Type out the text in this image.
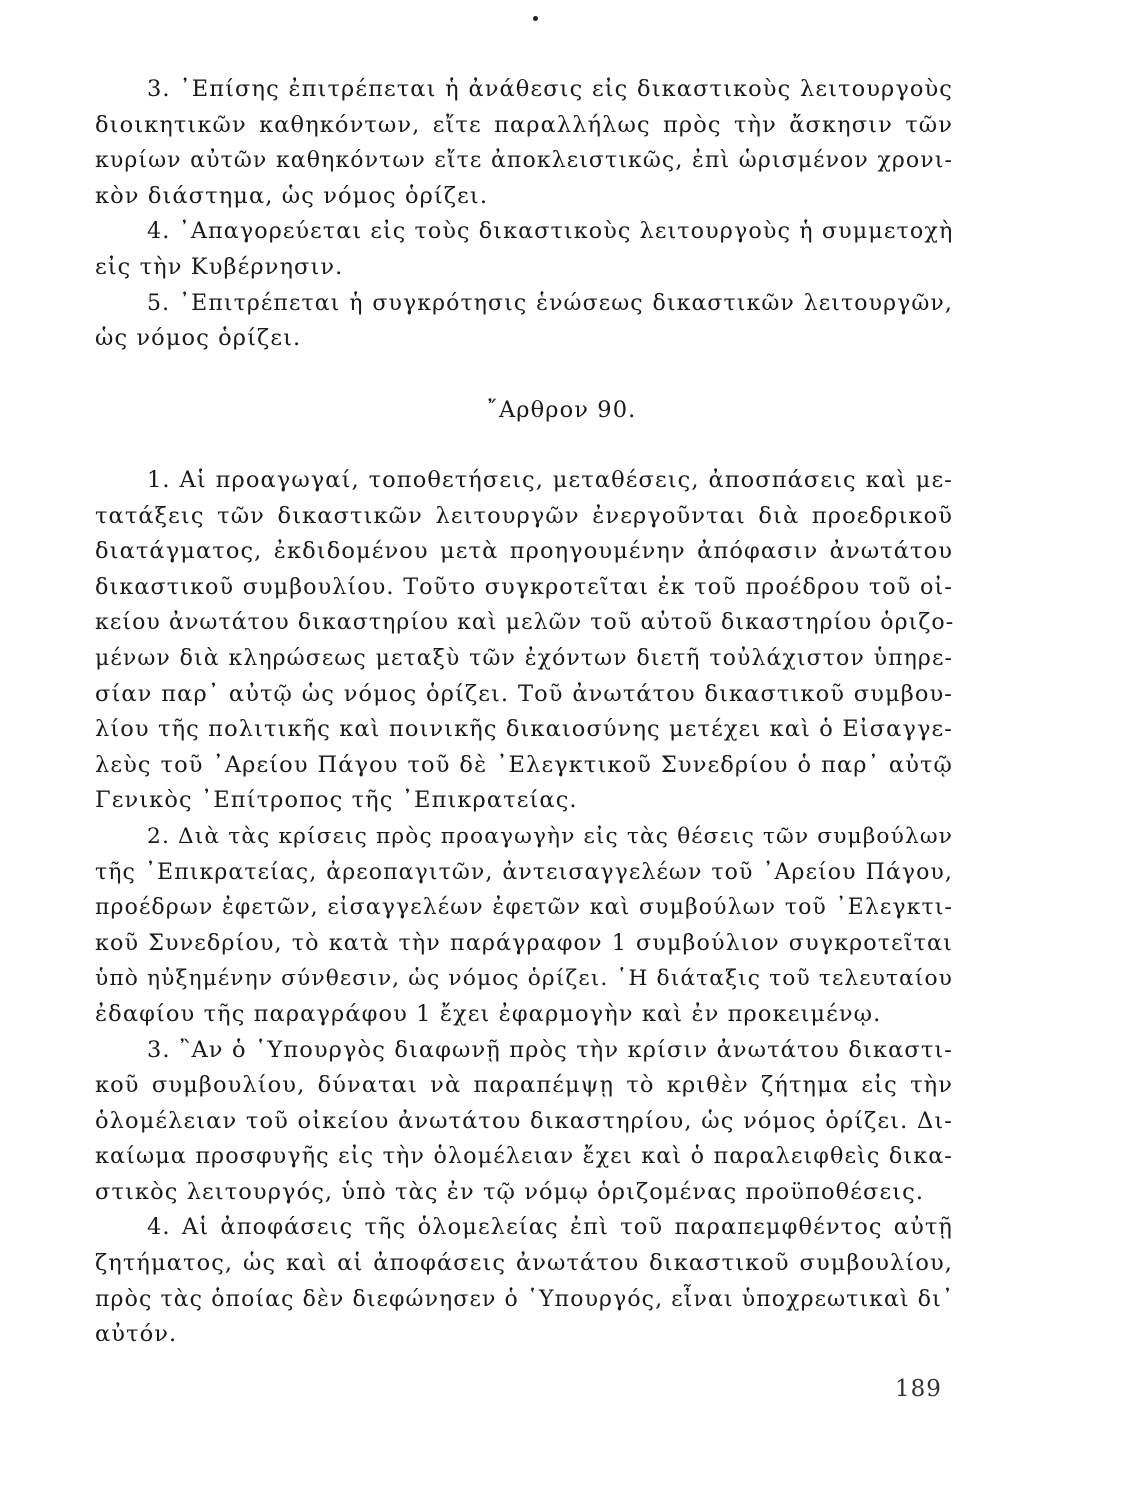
3. ᾿Επίσης ἐπιτρέπεται ἡ ἀνάθεσις εἰς δικαστικοὺς λειτουργοὺς
διοικητικῶν καθηκόντων, εἴτε παραλλήλως πρὸς τὴν ἄσκησιν τῶν
κυρίων αὐτῶν καθηκόντων εἴτε ἀποκλειστικῶς, ἐπὶ ὡρισμένον χρονι-
κὸν διάστημα, ὡς νόμος ὁρίζει.
4. ᾿Απαγορεύεται εἰς τοὺς δικαστικοὺς λειτουργοὺς ἡ συμμετοχὴ
εἰς τὴν Κυβέρνησιν.
5. ᾿Επιτρέπεται ἡ συγκρότησις ἑνώσεως δικαστικῶν λειτουργῶν,
ὡς νόμος ὁρίζει.
῎Αρθρον 90.
1. Αἱ προαγωγαί, τοποθετήσεις, μεταθέσεις, ἀποσπάσεις καὶ με-
τατάξεις τῶν δικαστικῶν λειτουργῶν ἐνεργοῦνται διὰ προεδρικοῦ
διατάγματος, ἐκδιδομένου μετὰ προηγουμένην ἀπόφασιν ἀνωτάτου
δικαστικοῦ συμβουλίου. Τοῦτο συγκροτεῖται ἐκ τοῦ προέδρου τοῦ οἰ-
κείου ἀνωτάτου δικαστηρίου καὶ μελῶν τοῦ αὐτοῦ δικαστηρίου ὁριζο-
μένων διὰ κληρώσεως μεταξὺ τῶν ἐχόντων διετῆ τοὐλάχιστον ὑπηρε-
σίαν παρ᾿ αὐτῷ ὡς νόμος ὁρίζει. Τοῦ ἀνωτάτου δικαστικοῦ συμβου-
λίου τῆς πολιτικῆς καὶ ποινικῆς δικαιοσύνης μετέχει καὶ ὁ Εἰσαγγε-
λεὺς τοῦ ᾿Αρείου Πάγου τοῦ δὲ ᾿Ελεγκτικοῦ Συνεδρίου ὁ παρ᾿ αὐτῷ
Γενικὸς ᾿Επίτροπος τῆς ᾿Επικρατείας.
2. Διὰ τὰς κρίσεις πρὸς προαγωγὴν εἰς τὰς θέσεις τῶν συμβούλων
τῆς ᾿Επικρατείας, ἀρεοπαγιτῶν, ἀντεισαγγελέων τοῦ ᾿Αρείου Πάγου,
προέδρων ἐφετῶν, εἰσαγγελέων ἐφετῶν καὶ συμβούλων τοῦ ᾿Ελεγκτι-
κοῦ Συνεδρίου, τὸ κατὰ τὴν παράγραφον 1 συμβούλιον συγκροτεῖται
ὑπὸ ηὐξημένην σύνθεσιν, ὡς νόμος ὁρίζει. ῾Η διάταξις τοῦ τελευταίου
ἐδαφίου τῆς παραγράφου 1 ἔχει ἐφαρμογὴν καὶ ἐν προκειμένῳ.
3. ῍Αν ὁ ῾Υπουργὸς διαφωνῇ πρὸς τὴν κρίσιν ἀνωτάτου δικαστι-
κοῦ συμβουλίου, δύναται νὰ παραπέμψῃ τὸ κριθὲν ζήτημα εἰς τὴν
ὁλομέλειαν τοῦ οἰκείου ἀνωτάτου δικαστηρίου, ὡς νόμος ὁρίζει. Δι-
καίωμα προσφυγῆς εἰς τὴν ὁλομέλειαν ἔχει καὶ ὁ παραλειφθεὶς δικα-
στικὸς λειτουργός, ὑπὸ τὰς ἐν τῷ νόμῳ ὁριζομένας προϋποθέσεις.
4. Αἱ ἀποφάσεις τῆς ὁλομελείας ἐπὶ τοῦ παραπεμφθέντος αὐτῇ
ζητήματος, ὡς καὶ αἱ ἀποφάσεις ἀνωτάτου δικαστικοῦ συμβουλίου,
πρὸς τὰς ὁποίας δὲν διεφώνησεν ὁ ῾Υπουργός, εἶναι ὑποχρεωτικαὶ δι᾿
αὐτόν.
189
